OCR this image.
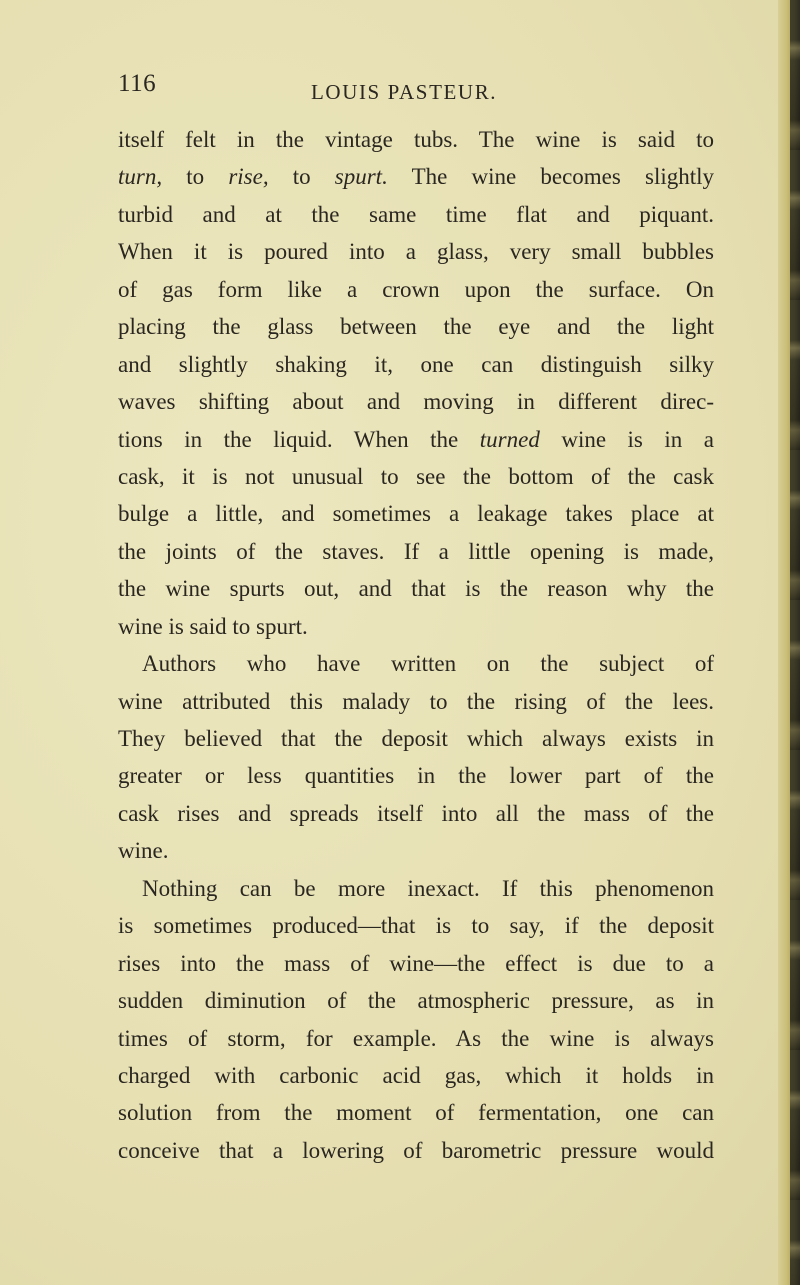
116	LOUIS PASTEUR.
itself felt in the vintage tubs. The wine is said to
turn, to rise, to spurt. The wine becomes slightly
turbid and at the same time flat and piquant.
When it is poured into a glass, very small bubbles
of gas form like a crown upon the surface. On
placing the glass between the eye and the light
and slightly shaking it, one can distinguish silky
waves shifting about and moving in different direc-
tions in the liquid. When the turned wine is in a
cask, it is not unusual to see the bottom of the cask
bulge a little, and sometimes a leakage takes place at
the joints of the staves. If a little opening is made,
the wine spurts out, and that is the reason why the
wine is said to spurt.
Authors who have written on the subject of
wine attributed this malady to the rising of the lees.
They believed that the deposit which always exists in
greater or less quantities in the lower part of the
cask rises and spreads itself into all the mass of the
wine.
Nothing can be more inexact. If this phenomenon
is sometimes produced—that is to say, if the deposit
rises into the mass of wine—the effect is due to a
sudden diminution of the atmospheric pressure, as in
times of storm, for example. As the wine is always
charged with carbonic acid gas, which it holds in
solution from the moment of fermentation, one can
conceive that a lowering of barometric pressure would
